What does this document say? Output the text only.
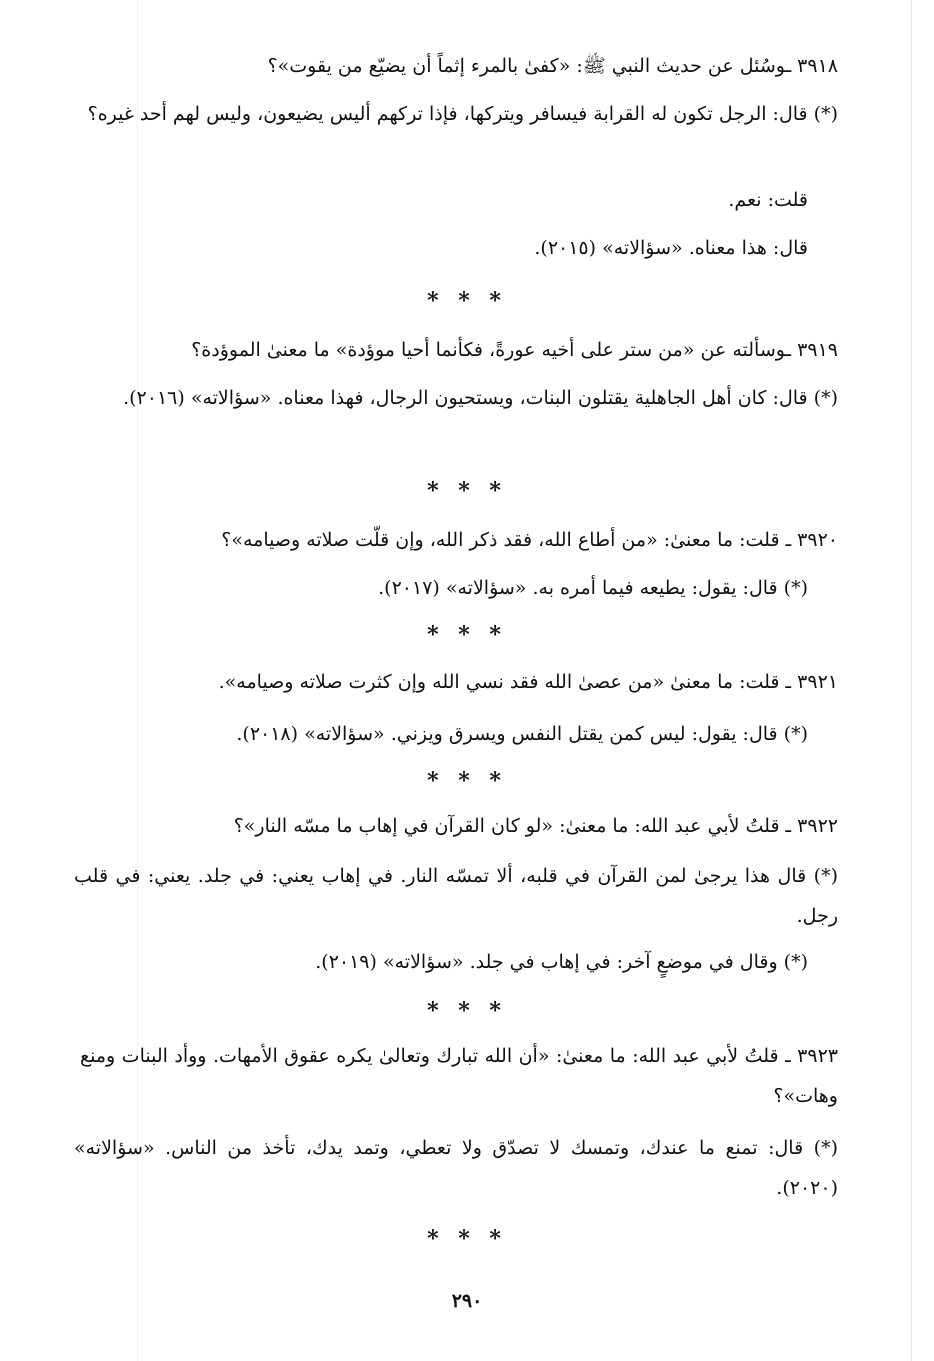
٣٩١٨ ـوسُئل عن حديث النبي ﷺ: «كفىٰ بالمرء إثماً أن يضيّع من يقوت»؟

(*) قال: الرجل تكون له القرابة فيسافر ويتركها، فإذا تركهم أليس يضيعون، وليس لهم أحد غيره؟

قلت: نعم.

قال: هذا معناه. «سؤالاته» (٢٠١٥).

* * *

٣٩١٩ ـوسألته عن «من ستر على أخيه عورةً، فكأنما أحيا موؤدة» ما معنىٰ الموؤدة؟

(*) قال: كان أهل الجاهلية يقتلون البنات، ويستحيون الرجال، فهذا معناه. «سؤالاته» (٢٠١٦).

* * *

٣٩٢٠ ـ قلت: ما معنىٰ: «من أطاع الله، فقد ذكر الله، وإن قلّت صلاته وصيامه»؟

(*) قال: يقول: يطيعه فيما أمره به. «سؤالاته» (٢٠١٧).

* * *

٣٩٢١ ـ قلت: ما معنىٰ «من عصىٰ الله فقد نسي الله وإن كثرت صلاته وصيامه».

(*) قال: يقول: ليس كمن يقتل النفس ويسرق ويزني. «سؤالاته» (٢٠١٨).

* * *

٣٩٢٢ ـ قلتُ لأبي عبد الله: ما معنىٰ: «لو كان القرآن في إهاب ما مسّه النار»؟

(*) قال هذا يرجىٰ لمن القرآن في قلبه، ألا تمسّه النار. في إهاب يعني: في جلد. يعني: في قلب رجل.

(*) وقال في موضعٍ آخر: في إهاب في جلد. «سؤالاته» (٢٠١٩).

* * *

٣٩٢٣ ـ قلتُ لأبي عبد الله: ما معنىٰ: «أن الله تبارك وتعالىٰ يكره عقوق الأمهات. ووأد البنات ومنع وهات»؟

(*) قال: تمنع ما عندك، وتمسك لا تصدّق ولا تعطي، وتمد يدك، تأخذ من الناس. «سؤالاته» (٢٠٢٠).

* * *
٢٩٠
